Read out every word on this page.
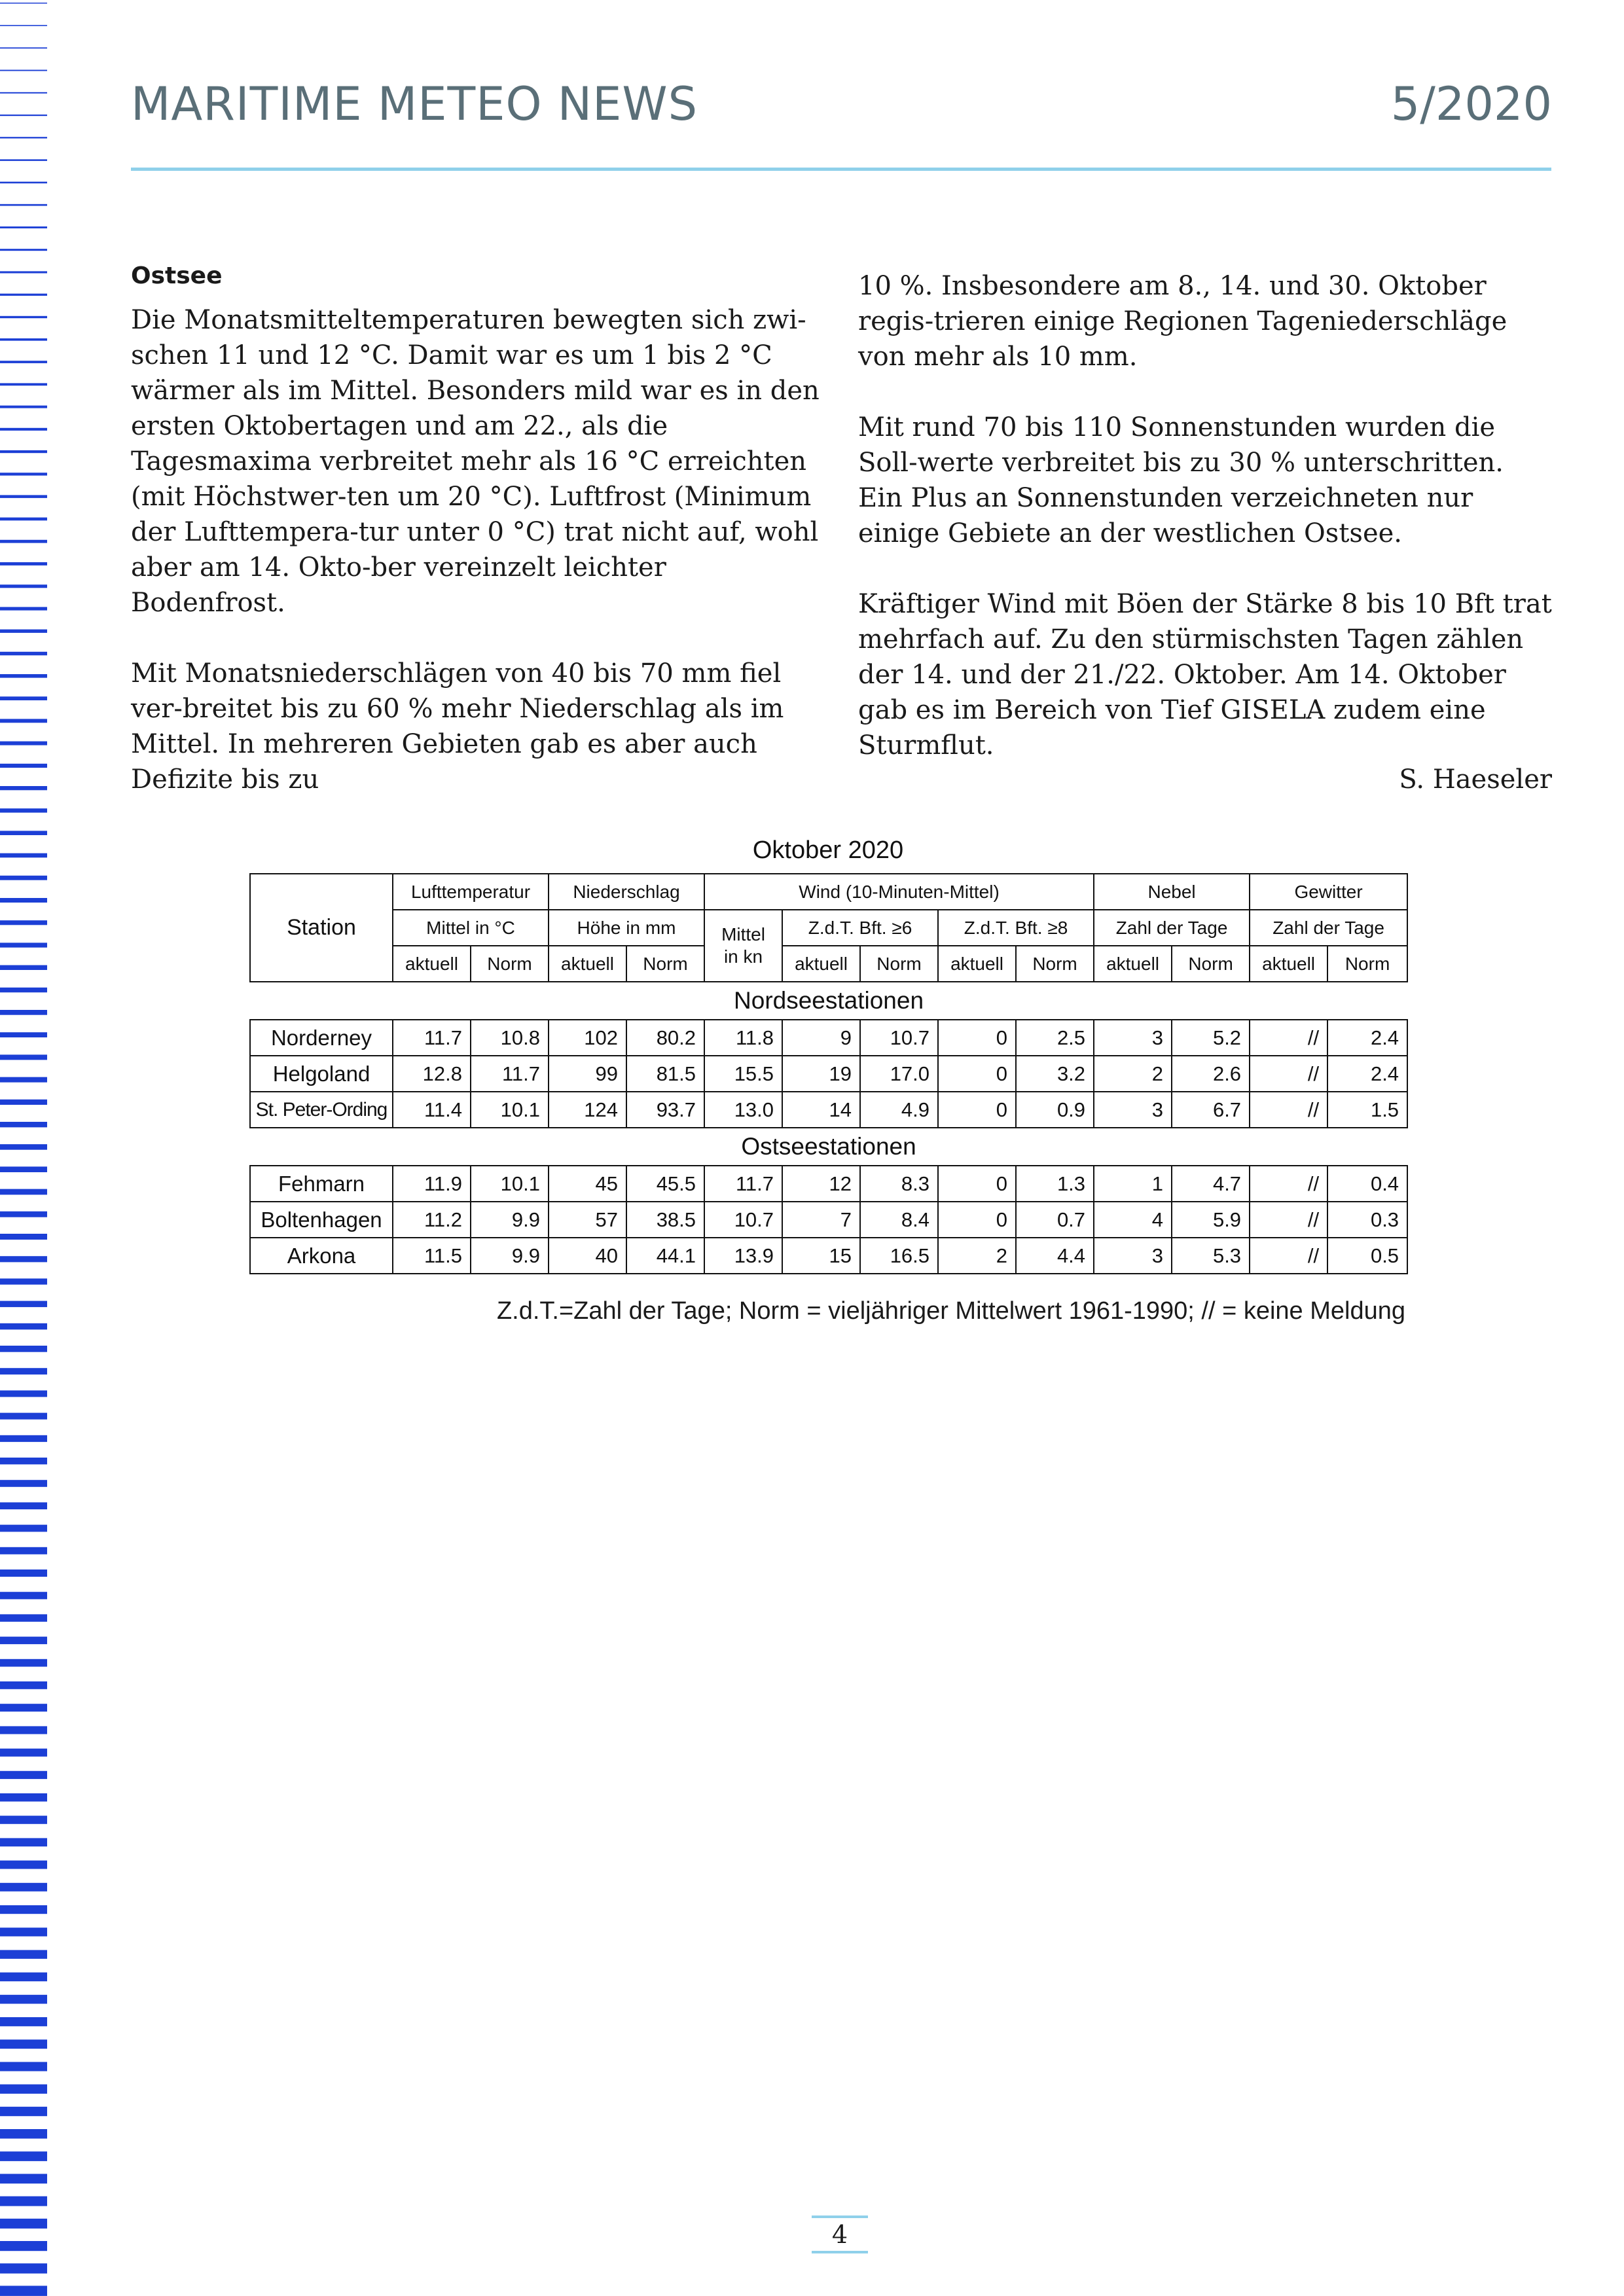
MARITIME METEO NEWS	5/2020
Ostsee

Die Monatsmitteltemperaturen bewegten sich zwi-schen 11 und 12 °C. Damit war es um 1 bis 2 °C wärmer als im Mittel. Besonders mild war es in den ersten Oktobertagen und am 22., als die Tagesmaxima verbreitet mehr als 16 °C erreichten (mit Höchstwer-ten um 20 °C). Luftfrost (Minimum der Lufttempera-tur unter 0 °C) trat nicht auf, wohl aber am 14. Okto-ber vereinzelt leichter Bodenfrost.

Mit Monatsniederschlägen von 40 bis 70 mm fiel ver-breitet bis zu 60 % mehr Niederschlag als im Mittel. In mehreren Gebieten gab es aber auch Defizite bis zu

10 %. Insbesondere am 8., 14. und 30. Oktober regis-trieren einige Regionen Tageniederschläge von mehr als 10 mm.

Mit rund 70 bis 110 Sonnenstunden wurden die Soll-werte verbreitet bis zu 30 % unterschritten. Ein Plus an Sonnenstunden verzeichneten nur einige Gebiete an der westlichen Ostsee.

Kräftiger Wind mit Böen der Stärke 8 bis 10 Bft trat mehrfach auf. Zu den stürmischsten Tagen zählen der 14. und der 21./22. Oktober. Am 14. Oktober gab es im Bereich von Tief GISELA zudem eine Sturmflut.

S. Haeseler
Oktober 2020
Station	Lufttemperatur		Niederschlag		Wind (10-Minuten-Mittel)					Nebel		Gewitter	
	Mittel in °C		Höhe in mm		Mittel in kn	Z.d.T. Bft. ≥6		Z.d.T. Bft. ≥8		Zahl der Tage		Zahl der Tage	
	aktuell	Norm	aktuell	Norm		aktuell	Norm	aktuell	Norm	aktuell	Norm	aktuell	Norm
Nordseestationen													
Norderney	11.7	10.8	102	80.2	11.8	9	10.7	0	2.5	3	5.2	//	2.4
Helgoland	12.8	11.7	99	81.5	15.5	19	17.0	0	3.2	2	2.6	//	2.4
St. Peter-Ording	11.4	10.1	124	93.7	13.0	14	4.9	0	0.9	3	6.7	//	1.5
Ostseestationen													
Fehmarn	11.9	10.1	45	45.5	11.7	12	8.3	0	1.3	1	4.7	//	0.4
Boltenhagen	11.2	9.9	57	38.5	10.7	7	8.4	0	0.7	4	5.9	//	0.3
Arkona	11.5	9.9	40	44.1	13.9	15	16.5	2	4.4	3	5.3	//	0.5
Z.d.T.=Zahl der Tage; Norm = vieljähriger Mittelwert 1961-1990; // = keine Meldung
4
